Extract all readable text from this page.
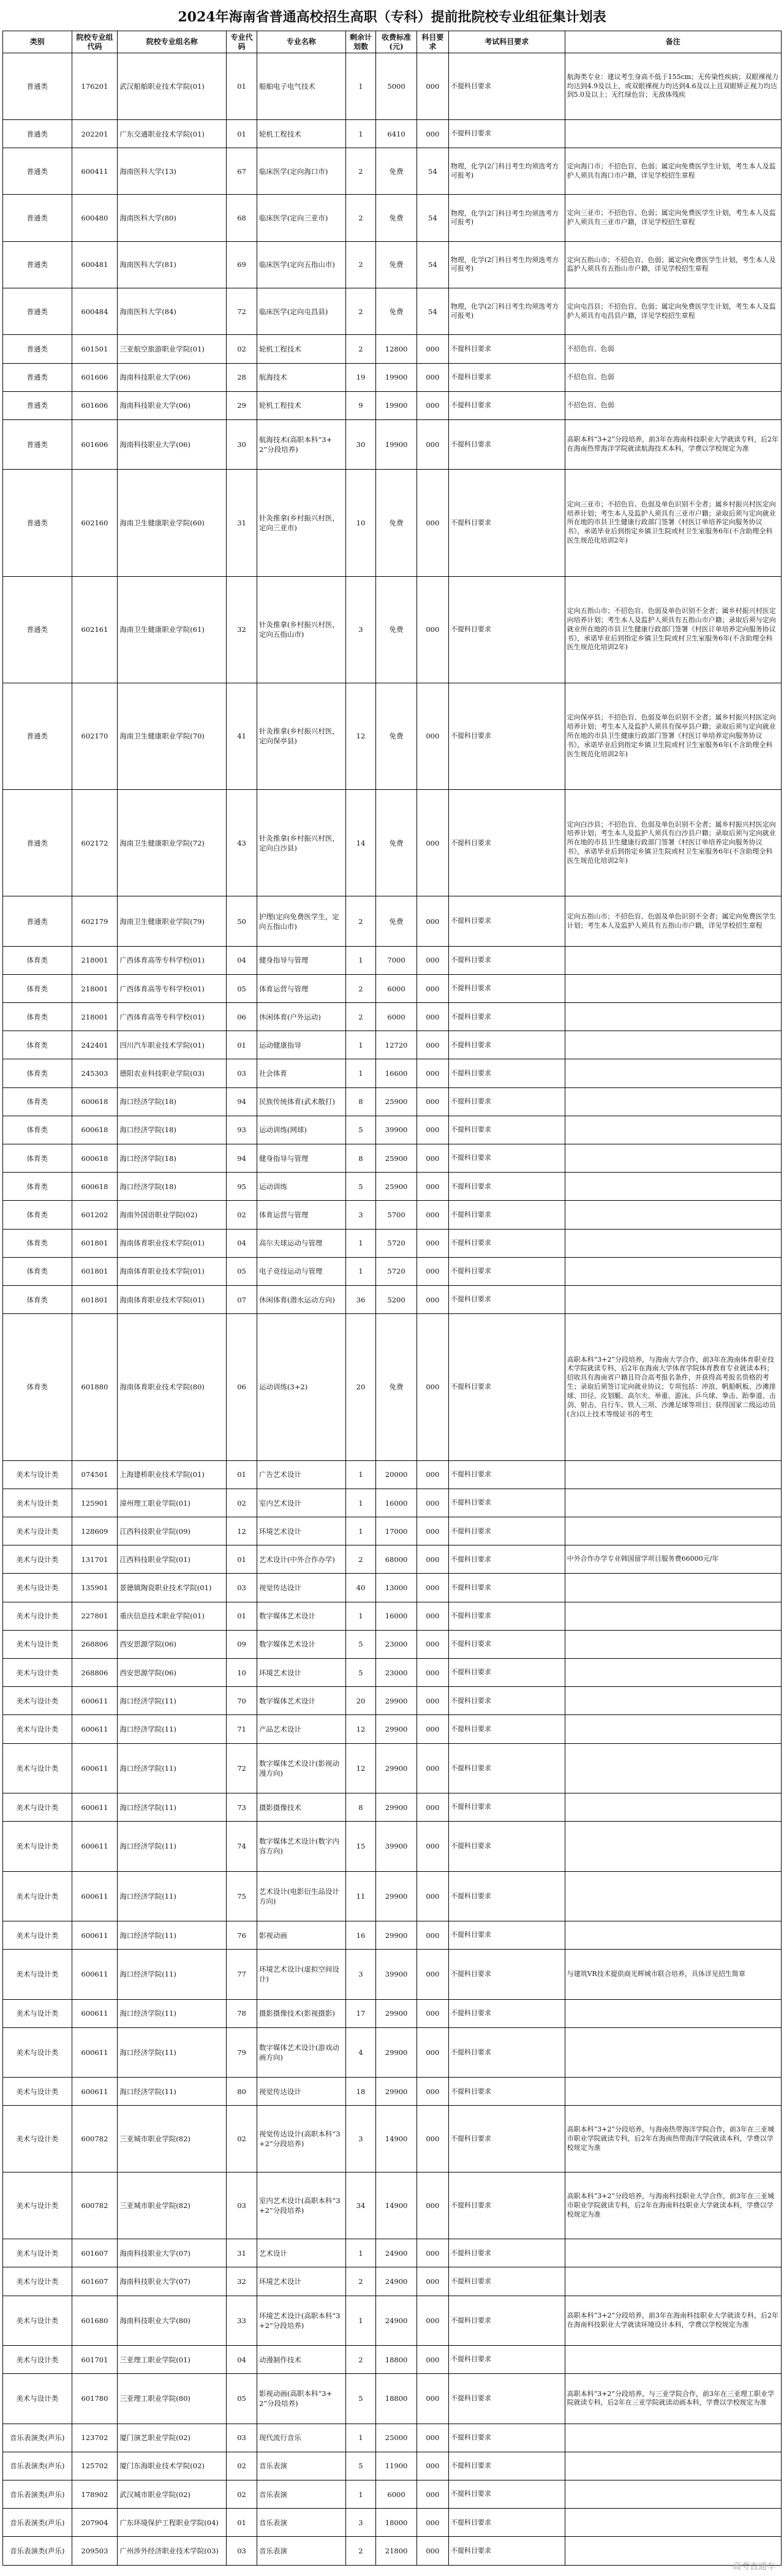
2024年海南省普通高校招生高职（专科）提前批院校专业组征集计划表
类别	院校专业组代码	院校专业组名称	专业代码	专业名称	剩余计划数	收费标准(元)	科目要求	考试科目要求	备注
普通类	176201	武汉船舶职业技术学院(01)	01	船舶电子电气技术	1	5000	000	不提科目要求	航海类专业：建议考生身高不低于155cm；无传染性疾病；双眼裸视力均达到4.9及以上，或双眼裸视力均达到4.6及以上且双眼矫正视力均达到5.0及以上；无红绿色盲；无敌体残疾
普通类	202201	广东交通职业技术学院(01)	01	轮机工程技术	1	6410	000	不提科目要求	
普通类	600411	海南医科大学(13)	67	临床医学(定向海口市)	2	免费	54	物理，化学(2门科目考生均须选考方可报考)	定向海口市；不招色盲、色弱；属定向免费医学生计划，考生本人及监护人须具有海口市户籍，详见学校招生章程
普通类	600480	海南医科大学(80)	68	临床医学(定向三亚市)	2	免费	54	物理，化学(2门科目考生均须选考方可报考)	定向三亚市；不招色盲、色弱；属定向免费医学生计划，考生本人及监护人须具有三亚市户籍，详见学校招生章程
普通类	600481	海南医科大学(81)	69	临床医学(定向五指山市)	2	免费	54	物理，化学(2门科目考生均须选考方可报考)	定向五指山市；不招色盲、色弱；属定向免费医学生计划，考生本人及监护人须具有五指山市户籍，详见学校招生章程
普通类	600484	海南医科大学(84)	72	临床医学(定向屯昌县)	2	免费	54	物理，化学(2门科目考生均须选考方可报考)	定向屯昌县；不招色盲、色弱；属定向免费医学生计划，考生本人及监护人须具有屯昌县户籍，详见学校招生章程
普通类	601501	三亚航空旅游职业学院(01)	02	轮机工程技术	2	12800	000	不提科目要求	不招色盲、色弱
普通类	601606	海南科技职业大学(06)	28	航海技术	19	19900	000	不提科目要求	不招色盲、色弱
普通类	601606	海南科技职业大学(06)	29	轮机工程技术	9	19900	000	不提科目要求	不招色盲、色弱
普通类	601606	海南科技职业大学(06)	30	航海技术(高职本科“3+2”分段培养)	30	19900	000	不提科目要求	高职本科“3+2”分段培养，前3年在海南科技职业大学就读专科，后2年在海南热带海洋学院就读航海技术本科，学费以学校规定为准
普通类	602160	海南卫生健康职业学院(60)	31	针灸推拿(乡村振兴村医，定向三亚市)	10	免费	000	不提科目要求	定向三亚市；不招色盲、色弱及单色识别不全者；属乡村振兴村医定向培养计划；考生本人及监护人须具有三亚市户籍；录取后须与定向就业所在地的市县卫生健康行政部门签署《村医订单培养定向服务协议书》，承诺毕业后到指定乡镇卫生院或村卫生室服务6年(不含助理全科医生规范化培训2年)
普通类	602161	海南卫生健康职业学院(61)	32	针灸推拿(乡村振兴村医，定向五指山市)	3	免费	000	不提科目要求	定向五指山市；不招色盲、色弱及单色识别不全者；属乡村振兴村医定向培养计划；考生本人及监护人须具有五指山市户籍；录取后须与定向就业所在地的市县卫生健康行政部门签署《村医订单培养定向服务协议书》，承诺毕业后到指定乡镇卫生院或村卫生室服务6年(不含助理全科医生规范化培训2年)
普通类	602170	海南卫生健康职业学院(70)	41	针灸推拿(乡村振兴村医，定向保亭县)	12	免费	000	不提科目要求	定向保亭县；不招色盲、色弱及单色识别不全者；属乡村振兴村医定向培养计划；考生本人及监护人须具有保亭县户籍；录取后须与定向就业所在地的市县卫生健康行政部门签署《村医订单培养定向服务协议书》，承诺毕业后到指定乡镇卫生院或村卫生室服务6年(不含助理全科医生规范化培训2年)
普通类	602172	海南卫生健康职业学院(72)	43	针灸推拿(乡村振兴村医，定向白沙县)	14	免费	000	不提科目要求	定向白沙县；不招色盲、色弱及单色识别不全者；属乡村振兴村医定向培养计划；考生本人及监护人须具有白沙县户籍；录取后须与定向就业所在地的市县卫生健康行政部门签署《村医订单培养定向服务协议书》，承诺毕业后到指定乡镇卫生院或村卫生室服务6年(不含助理全科医生规范化培训2年)
普通类	602179	海南卫生健康职业学院(79)	50	护理(定向免费医学生，定向五指山市)	2	免费	000	不提科目要求	定向五指山市；不招色盲、色弱及单色识别不全者；属定向免费医学生计划；考生本人及监护人须具有五指山市户籍，详见学校招生章程
体育类	218001	广西体育高等专科学校(01)	04	健身指导与管理	1	7000	000	不提科目要求	
体育类	218001	广西体育高等专科学校(01)	05	体育运营与管理	2	6000	000	不提科目要求	
体育类	218001	广西体育高等专科学校(01)	06	休闲体育(户外运动)	2	6000	000	不提科目要求	
体育类	242401	四川汽车职业技术学院(01)	01	运动健康指导	1	12720	000	不提科目要求	
体育类	245303	德阳农业科技职业学院(03)	03	社会体育	1	16600	000	不提科目要求	
体育类	600618	海口经济学院(18)	94	民族传统体育(武术散打)	8	25900	000	不提科目要求	
体育类	600618	海口经济学院(18)	93	运动训练(网球)	5	39900	000	不提科目要求	
体育类	600618	海口经济学院(18)	94	健身指导与管理	8	25900	000	不提科目要求	
体育类	600618	海口经济学院(18)	95	运动训练	5	25900	000	不提科目要求	
体育类	601202	海南外国语职业学院(02)	02	体育运营与管理	3	5700	000	不提科目要求	
体育类	601801	海南体育职业技术学院(01)	04	高尔夫球运动与管理	1	5720	000	不提科目要求	
体育类	601801	海南体育职业技术学院(01)	05	电子竞技运动与管理	1	5720	000	不提科目要求	
体育类	601801	海南体育职业技术学院(01)	07	休闲体育(潜水运动方向)	36	5200	000	不提科目要求	
体育类	601880	海南体育职业技术学院(80)	06	运动训练(3+2)	20	免费	000	不提科目要求	高职本科“3+2”分段培养，与海南大学合作，前3年在海南体育职业技术学院就读专科，后2年在海南大学体育学院体育教育专业就读本科；招收具有海南省户籍且符合高考报名条件，并获得高考报名资格的考生；录取后须签订定向就业协议；专项包括：冲浪、帆船帆板、沙滩排球、田径、皮划艇、高尔夫、举重、游泳、乒乓球、拳击、跆拳道、击剑、射击、自行车、铁人三项、沙滩足球等项目；获得国家二级运动员(含)以上技术等级证书的考生
美术与设计类	074501	上海建桥职业技术学院(01)	01	广告艺术设计	1	20000	000	不提科目要求	
美术与设计类	125901	漳州理工职业学院(01)	02	室内艺术设计	1	16000	000	不提科目要求	
美术与设计类	128609	江西科技职业学院(09)	12	环境艺术设计	1	17000	000	不提科目要求	
美术与设计类	131701	江西科技职业学院(01)	01	艺术设计(中外合作办学)	2	68000	000	不提科目要求	中外合作办学专业韩国留学项目服务费66000元/年
美术与设计类	135901	景德镇陶瓷职业技术学院(01)	03	视觉传达设计	40	13000	000	不提科目要求	
美术与设计类	227801	重庆信息技术职业学院(01)	01	数字媒体艺术设计	1	16000	000	不提科目要求	
美术与设计类	268806	西安思源学院(06)	09	数字媒体艺术设计	5	23000	000	不提科目要求	
美术与设计类	268806	西安思源学院(06)	10	环境艺术设计	5	23000	000	不提科目要求	
美术与设计类	600611	海口经济学院(11)	70	数字媒体艺术设计	20	29900	000	不提科目要求	
美术与设计类	600611	海口经济学院(11)	71	产品艺术设计	12	29900	000	不提科目要求	
美术与设计类	600611	海口经济学院(11)	72	数字媒体艺术设计(影视动漫方向)	12	29900	000	不提科目要求	
美术与设计类	600611	海口经济学院(11)	73	摄影摄像技术	8	29900	000	不提科目要求	
美术与设计类	600611	海口经济学院(11)	74	数字媒体艺术设计(数字内容方向)	15	39900	000	不提科目要求	
美术与设计类	600611	海口经济学院(11)	75	艺术设计(电影衍生品设计方向)	11	29900	000	不提科目要求	
美术与设计类	600611	海口经济学院(11)	76	影视动画	16	29900	000	不提科目要求	
美术与设计类	600611	海口经济学院(11)	77	环境艺术设计(虚拟空间设计)	3	39900	000	不提科目要求	与建筑VR技术提供商光辉城市联合培养，具体详见招生简章
美术与设计类	600611	海口经济学院(11)	78	摄影摄像技术(影视摄影)	17	29900	000	不提科目要求	
美术与设计类	600611	海口经济学院(11)	79	数字媒体艺术设计(游戏动画方向)	4	29900	000	不提科目要求	
美术与设计类	600611	海口经济学院(11)	80	视觉传达设计	18	29900	000	不提科目要求	
美术与设计类	600782	三亚城市职业学院(82)	02	视觉传达设计(高职本科“3+2”分段培养)	3	14900	000	不提科目要求	高职本科“3+2”分段培养，与海南热带海洋学院合作，前3年在三亚城市职业学院就读专科，后2年在海南热带海洋学院就读本科，学费以学校规定为准
美术与设计类	600782	三亚城市职业学院(82)	03	室内艺术设计(高职本科“3+2”分段培养)	34	14900	000	不提科目要求	高职本科“3+2”分段培养，与海南科技职业大学合作，前3年在三亚城市职业学院就读专科，后2年在海南科技职业大学就读本科，学费以学校规定为准
美术与设计类	601607	海南科技职业大学(07)	31	艺术设计	1	24900	000	不提科目要求	
美术与设计类	601607	海南科技职业大学(07)	32	环境艺术设计	2	24900	000	不提科目要求	
美术与设计类	601680	海南科技职业大学(80)	33	环境艺术设计(高职本科“3+2”分段培养)	1	24900	000	不提科目要求	高职本科“3+2”分段培养，前3年在海南科技职业大学就读专科，后2年在海南科技职业大学就读环境设计本科，学费以学校规定为准
美术与设计类	601701	三亚理工职业学院(01)	04	动漫制作技术	2	18800	000	不提科目要求	
美术与设计类	601780	三亚理工职业学院(80)	05	影视动画(高职本科“3+2”分段培养)	5	18800	000	不提科目要求	高职本科“3+2”分段培养，与三亚学院合作，前3年在三亚理工职业学院就读专科，后2年在三亚学院就读动画本科，学费以学校规定为准
音乐表演类(声乐)	123702	厦门演艺职业学院(02)	03	现代流行音乐	1	25000	000	不提科目要求	
音乐表演类(声乐)	125702	厦门东海职业技术学院(02)	02	音乐表演	5	11900	000	不提科目要求	
音乐表演类(声乐)	178902	武汉城市职业学院(02)	02	音乐表演	1	6000	000	不提科目要求	
音乐表演类(声乐)	207904	广东环境保护工程职业学院(04)	01	音乐表演	3	18000	000	不提科目要求	
音乐表演类(声乐)	209503	广州涉外经济职业技术学院(03)	03	音乐表演	2	21800	000	不提科目要求	
高考直通车
